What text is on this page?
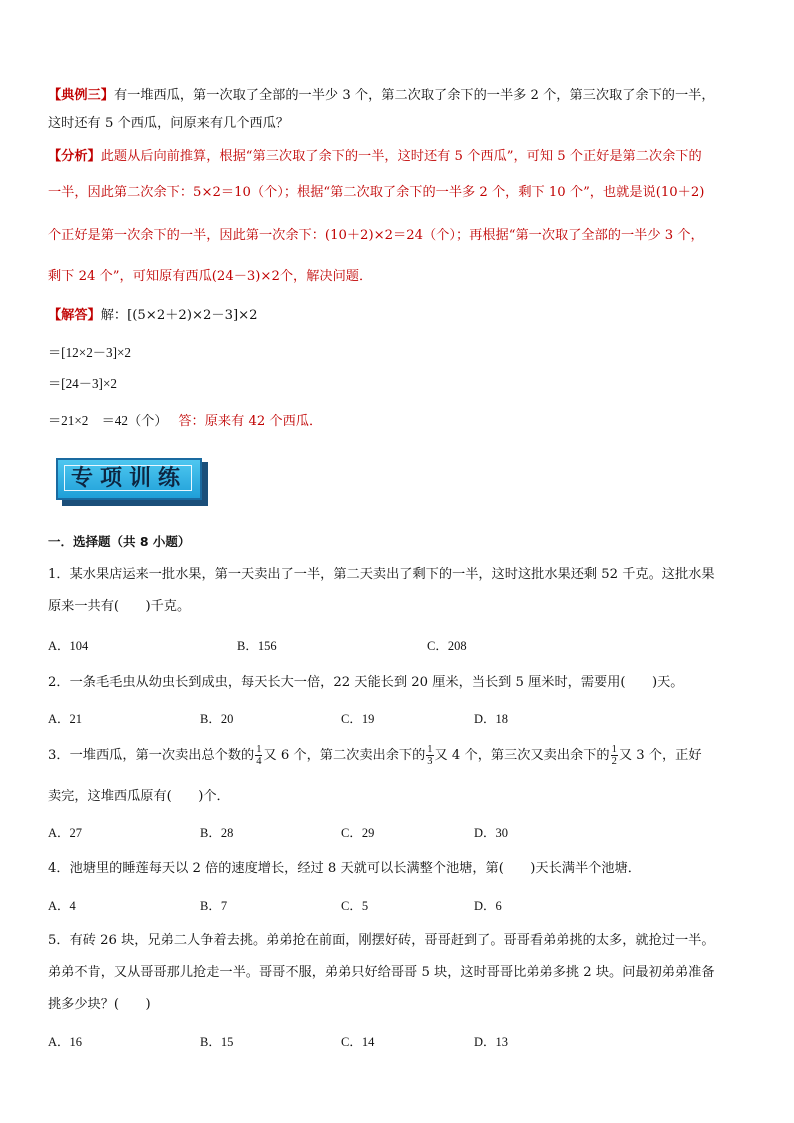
【典例三】有一堆西瓜，第一次取了全部的一半少 3 个，第二次取了余下的一半多 2 个，第三次取了余下的一半，
这时还有 5 个西瓜，问原来有几个西瓜？
【分析】此题从后向前推算，根据“第三次取了余下的一半，这时还有 5 个西瓜”，可知 5 个正好是第二次余下的
一半，因此第二次余下：5×2＝10（个）；根据“第二次取了余下的一半多 2 个，剩下 10 个”，也就是说(10＋2)
个正好是第一次余下的一半，因此第一次余下：(10＋2)×2＝24（个）；再根据“第一次取了全部的一半少 3 个，
剩下 24 个”，可知原有西瓜(24－3)×2个，解决问题．
【解答】解：[(5×2＋2)×2－3]×2
＝[12×2－3]×2
＝[24－3]×2
＝21×2　＝42（个）　 答：原来有 42 个西瓜．
专项训练
一．选择题（共 8 小题）
1．某水果店运来一批水果，第一天卖出了一半，第二天卖出了剩下的一半，这时这批水果还剩 52 千克。这批水果
原来一共有(　　)千克。
A．104	B．156	C．208
2．一条毛毛虫从幼虫长到成虫，每天长大一倍，22 天能长到 20 厘米，当长到 5 厘米时，需要用(　　)天。
A．21	B．20	C．19	D．18
3．一堆西瓜，第一次卖出总个数的 $\frac{1}{4}$ 又 6 个，第二次卖出余下的 $\frac{1}{3}$ 又 4 个，第三次又卖出余下的 $\frac{1}{2}$ 又 3 个，正好
卖完，这堆西瓜原有(　　)个．
A．27	B．28	C．29	D．30
4．池塘里的睡莲每天以 2 倍的速度增长，经过 8 天就可以长满整个池塘，第(　　)天长满半个池塘．
A．4	B．7	C．5	D．6
5．有砖 26 块，兄弟二人争着去挑。弟弟抢在前面，刚摆好砖，哥哥赶到了。哥哥看弟弟挑的太多，就抢过一半。
弟弟不肯，又从哥哥那儿抢走一半。哥哥不服，弟弟只好给哥哥 5 块，这时哥哥比弟弟多挑 2 块。问最初弟弟准备
挑多少块？(　　)
A．16	B．15	C．14	D．13
